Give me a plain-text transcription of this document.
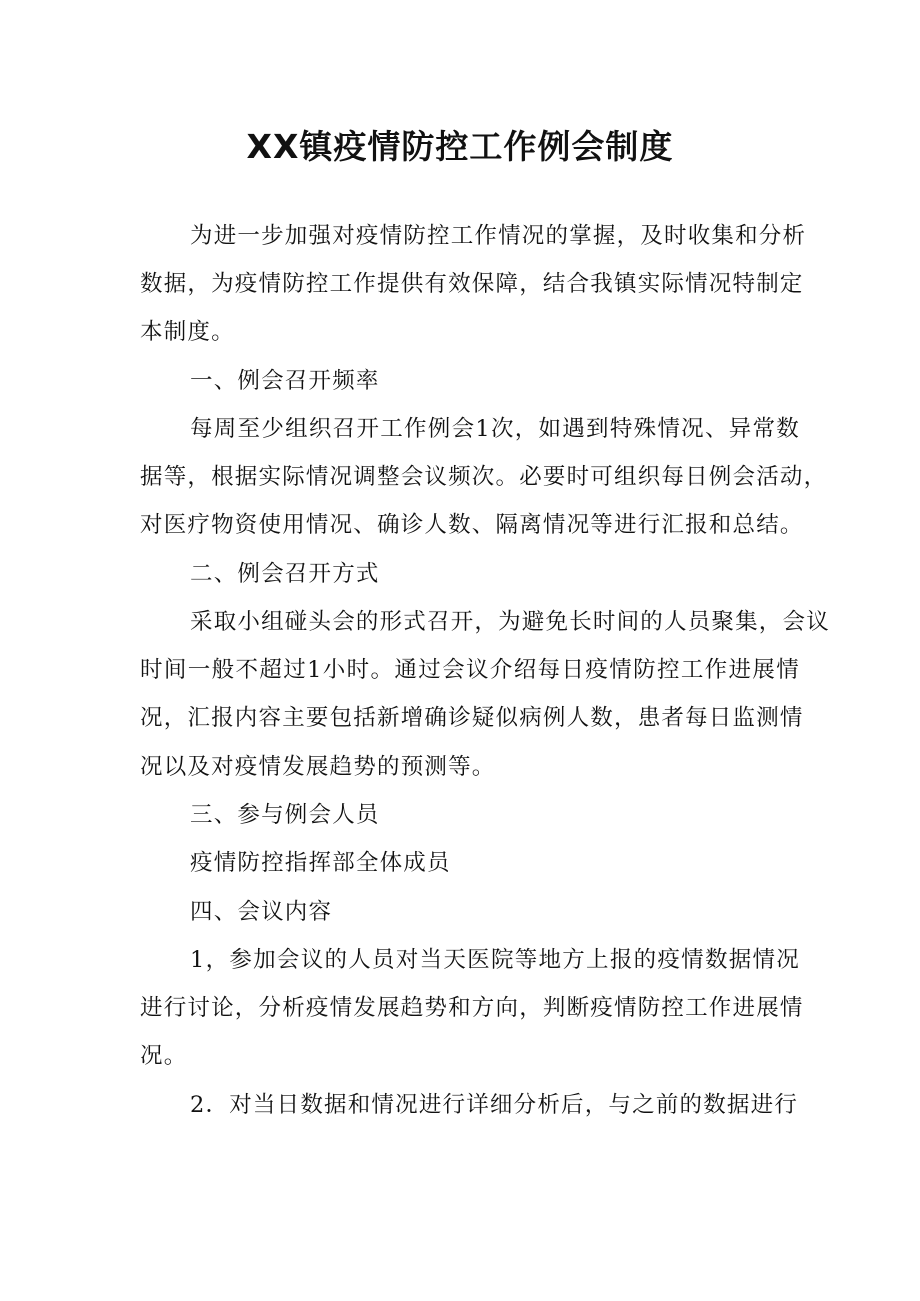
XX镇疫情防控工作例会制度
为进一步加强对疫情防控工作情况的掌握，及时收集和分析
数据，为疫情防控工作提供有效保障，结合我镇实际情况特制定
本制度。
一、例会召开频率
每周至少组织召开工作例会1次，如遇到特殊情况、异常数
据等，根据实际情况调整会议频次。必要时可组织每日例会活动，
对医疗物资使用情况、确诊人数、隔离情况等进行汇报和总结。
二、例会召开方式
采取小组碰头会的形式召开，为避免长时间的人员聚集，会议
时间一般不超过1小时。通过会议介绍每日疫情防控工作进展情
况，汇报内容主要包括新增确诊疑似病例人数，患者每日监测情
况以及对疫情发展趋势的预测等。
三、参与例会人员
疫情防控指挥部全体成员
四、会议内容
1，参加会议的人员对当天医院等地方上报的疫情数据情况
进行讨论，分析疫情发展趋势和方向，判断疫情防控工作进展情
况。
2．对当日数据和情况进行详细分析后，与之前的数据进行
